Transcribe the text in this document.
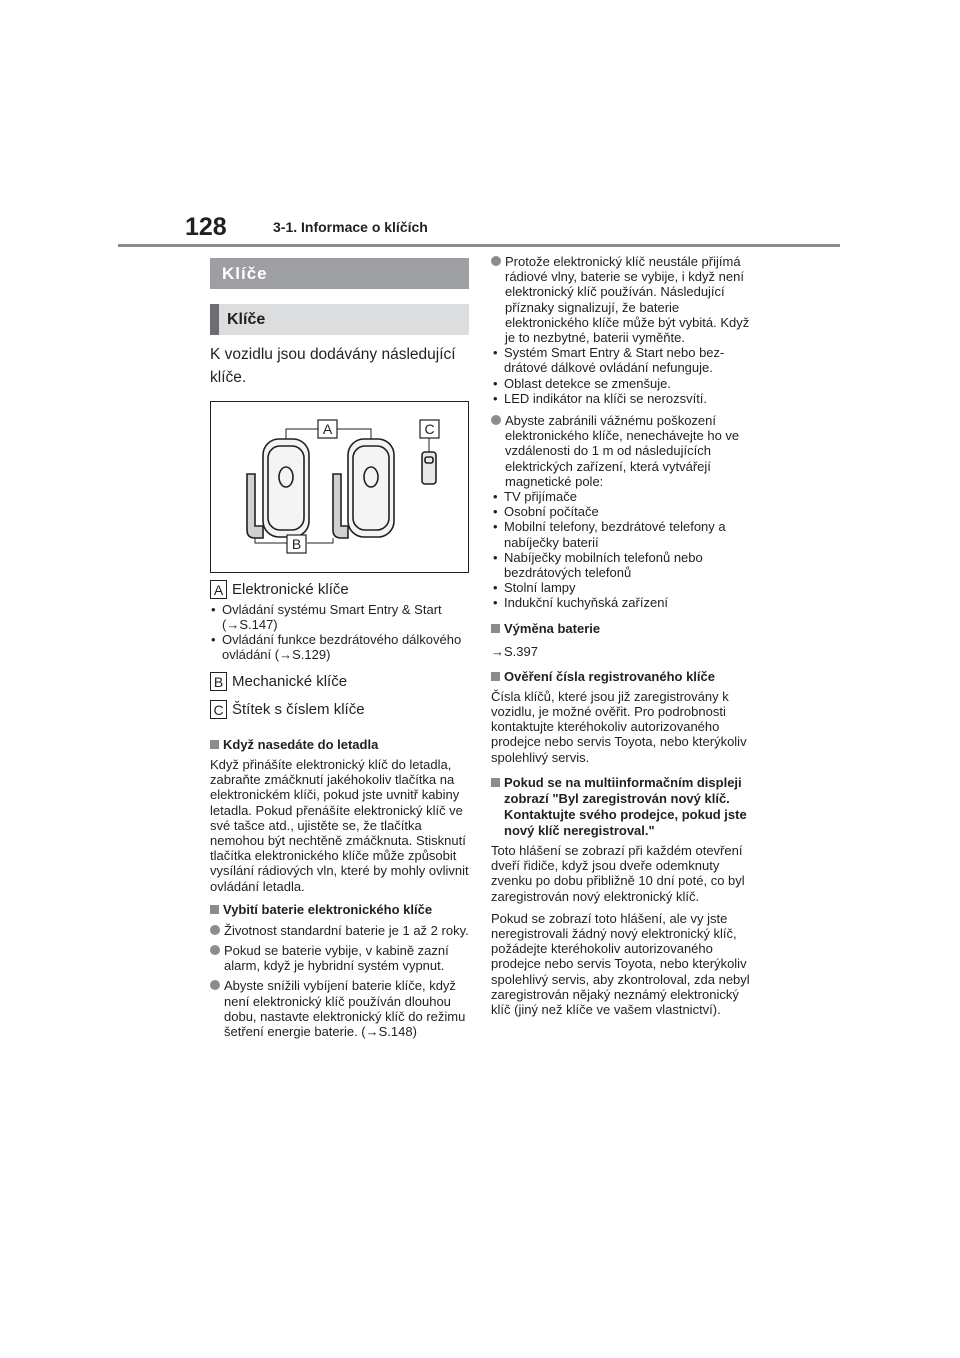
128	3-1. Informace o klíčích
Klíče
Klíče
K vozidlu jsou dodávány následující klíče.
A
B
C
A Elektronické klíče
• Ovládání systému Smart Entry & Start (→S.147)
• Ovládání funkce bezdrátového dálkového ovládání (→S.129)
B Mechanické klíče
C Štítek s číslem klíče
Když nasedáte do letadla

Když přinášíte elektronický klíč do letadla, zabraňte zmáčknutí jakéhokoliv tlačítka na elektronickém klíči, pokud jste uvnitř kabiny letadla. Pokud přenášíte elektronický klíč ve své tašce atd., ujistěte se, že tlačítka nemohou být nechtěně zmáčknuta. Stisknutí tlačítka elektronického klíče může způsobit vysílání rádiových vln, které by mohly ovlivnit ovládání letadla.

Vybití baterie elektronického klíče
Životnost standardní baterie je 1 až 2 roky.
Pokud se baterie vybije, v kabině zazní alarm, když je hybridní systém vypnut.
Abyste snížili vybíjení baterie klíče, když není elektronický klíč používán dlouhou dobu, nastavte elektronický klíč do režimu šetření energie baterie. (→S.148)
Protože elektronický klíč neustále přijímá rádiové vlny, baterie se vybije, i když není elektronický klíč používán. Následující příznaky signalizují, že baterie elektronického klíče může být vybitá. Když je to nezbytné, baterii vyměňte.
• Systém Smart Entry & Start nebo bezdrátové dálkové ovládání nefunguje.
• Oblast detekce se zmenšuje.
• LED indikátor na klíči se nerozsvítí.
Abyste zabránili vážnému poškození elektronického klíče, nenechávejte ho ve vzdálenosti do 1 m od následujících elektrických zařízení, která vytvářejí magnetické pole:
• TV přijímače
• Osobní počítače
• Mobilní telefony, bezdrátové telefony a nabíječky baterií
• Nabíječky mobilních telefonů nebo bezdrátových telefonů
• Stolní lampy
• Indukční kuchyňská zařízení
Výměna baterie

→S.397

Ověření čísla registrovaného klíče

Čísla klíčů, které jsou již zaregistrovány k vozidlu, je možné ověřit. Pro podrobnosti kontaktujte kteréhokoliv autorizovaného prodejce nebo servis Toyota, nebo kterýkoliv spolehlivý servis.

Pokud se na multiinformačním displeji zobrazí "Byl zaregistrován nový klíč. Kontaktujte svého prodejce, pokud jste nový klíč neregistroval."

Toto hlášení se zobrazí při každém otevření dveří řidiče, když jsou dveře odemknuty zvenku po dobu přibližně 10 dní poté, co byl zaregistrován nový elektronický klíč.

Pokud se zobrazí toto hlášení, ale vy jste neregistrovali žádný nový elektronický klíč, požádejte kteréhokoliv autorizovaného prodejce nebo servis Toyota, nebo kterýkoliv spolehlivý servis, aby zkontroloval, zda nebyl zaregistrován nějaký neznámý elektronický klíč (jiný než klíče ve vašem vlastnictví).
